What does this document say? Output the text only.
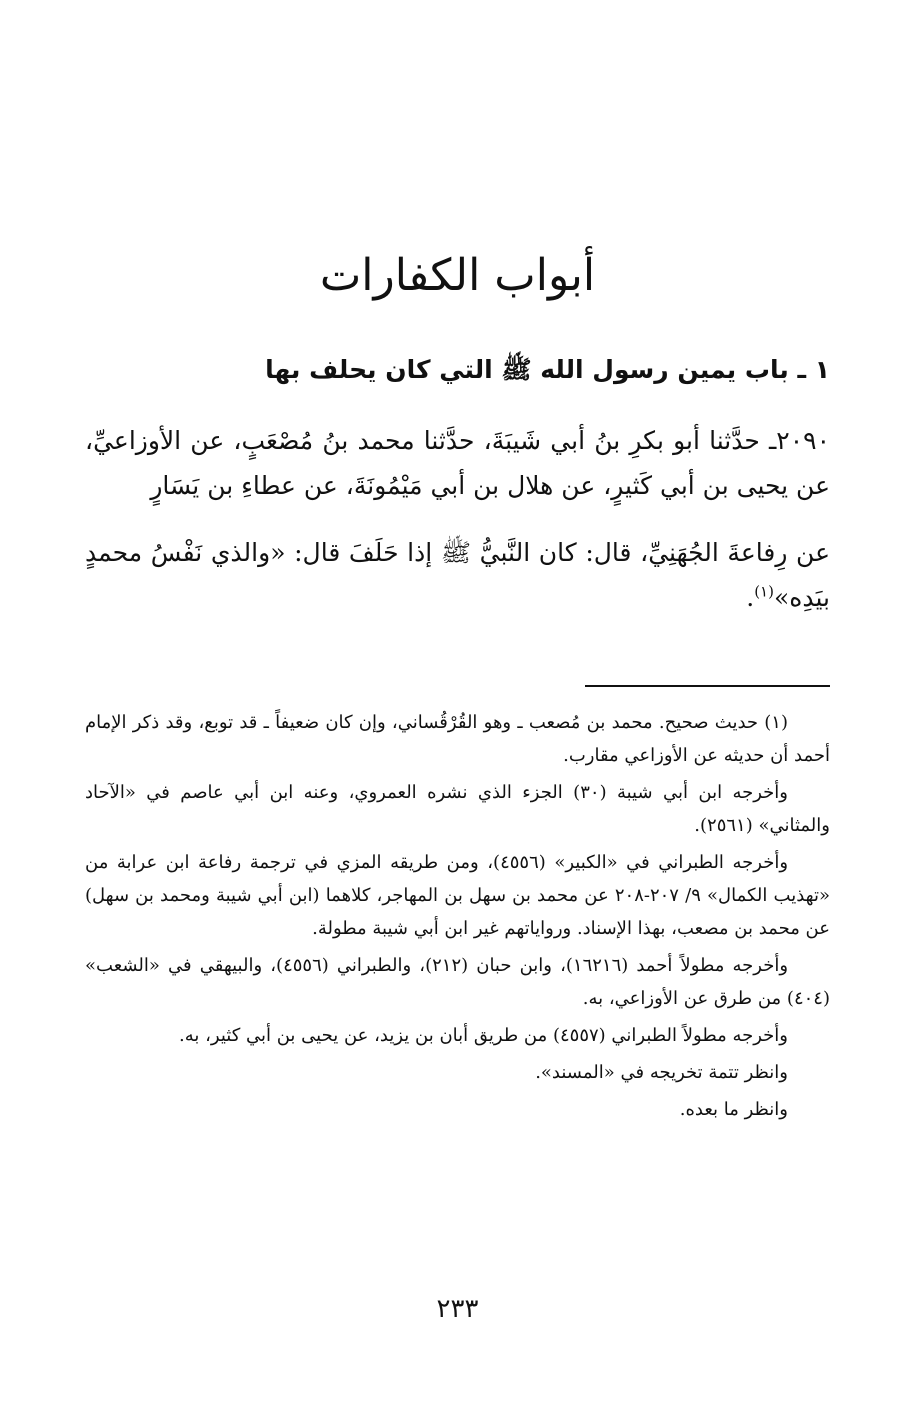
أبواب الكفارات
١ ـ باب يمين رسول الله ﷺ التي كان يحلف بها

٢٠٩٠ـ حدَّثنا أبو بكرِ بنُ أبي شَيبَةَ، حدَّثنا محمد بنُ مُصْعَبٍ، عن الأوزاعيِّ، عن يحيى بن أبي كَثيرٍ، عن هلال بن أبي مَيْمُونَةَ، عن عطاءِ بن يَسَارٍ

عن رِفاعةَ الجُهَنِيِّ، قال: كان النَّبيُّ ﷺ إذا حَلَفَ قال: «والذي نَفْسُ محمدٍ بيَدِه»$^{(١)}$.

(١) حديث صحيح. محمد بن مُصعب ـ وهو القُرْقُساني، وإن كان ضعيفاً ـ قد توبع، وقد ذكر الإمام أحمد أن حديثه عن الأوزاعي مقارب.

وأخرجه ابن أبي شيبة (٣٠) الجزء الذي نشره العمروي، وعنه ابن أبي عاصم في «الآحاد والمثاني» (٢٥٦١).

وأخرجه الطبراني في «الكبير» (٤٥٥٦)، ومن طريقه المزي في ترجمة رفاعة ابن عرابة من «تهذيب الكمال» ٩/ ٢٠٧-٢٠٨ عن محمد بن سهل بن المهاجر، كلاهما (ابن أبي شيبة ومحمد بن سهل) عن محمد بن مصعب، بهذا الإسناد. ورواياتهم غير ابن أبي شيبة مطولة.

وأخرجه مطولاً أحمد (١٦٢١٦)، وابن حبان (٢١٢)، والطبراني (٤٥٥٦)، والبيهقي في «الشعب» (٤٠٤) من طرق عن الأوزاعي، به.

وأخرجه مطولاً الطبراني (٤٥٥٧) من طريق أبان بن يزيد، عن يحيى بن أبي كثير، به.

وانظر تتمة تخريجه في «المسند».

وانظر ما بعده.

٢٣٣
